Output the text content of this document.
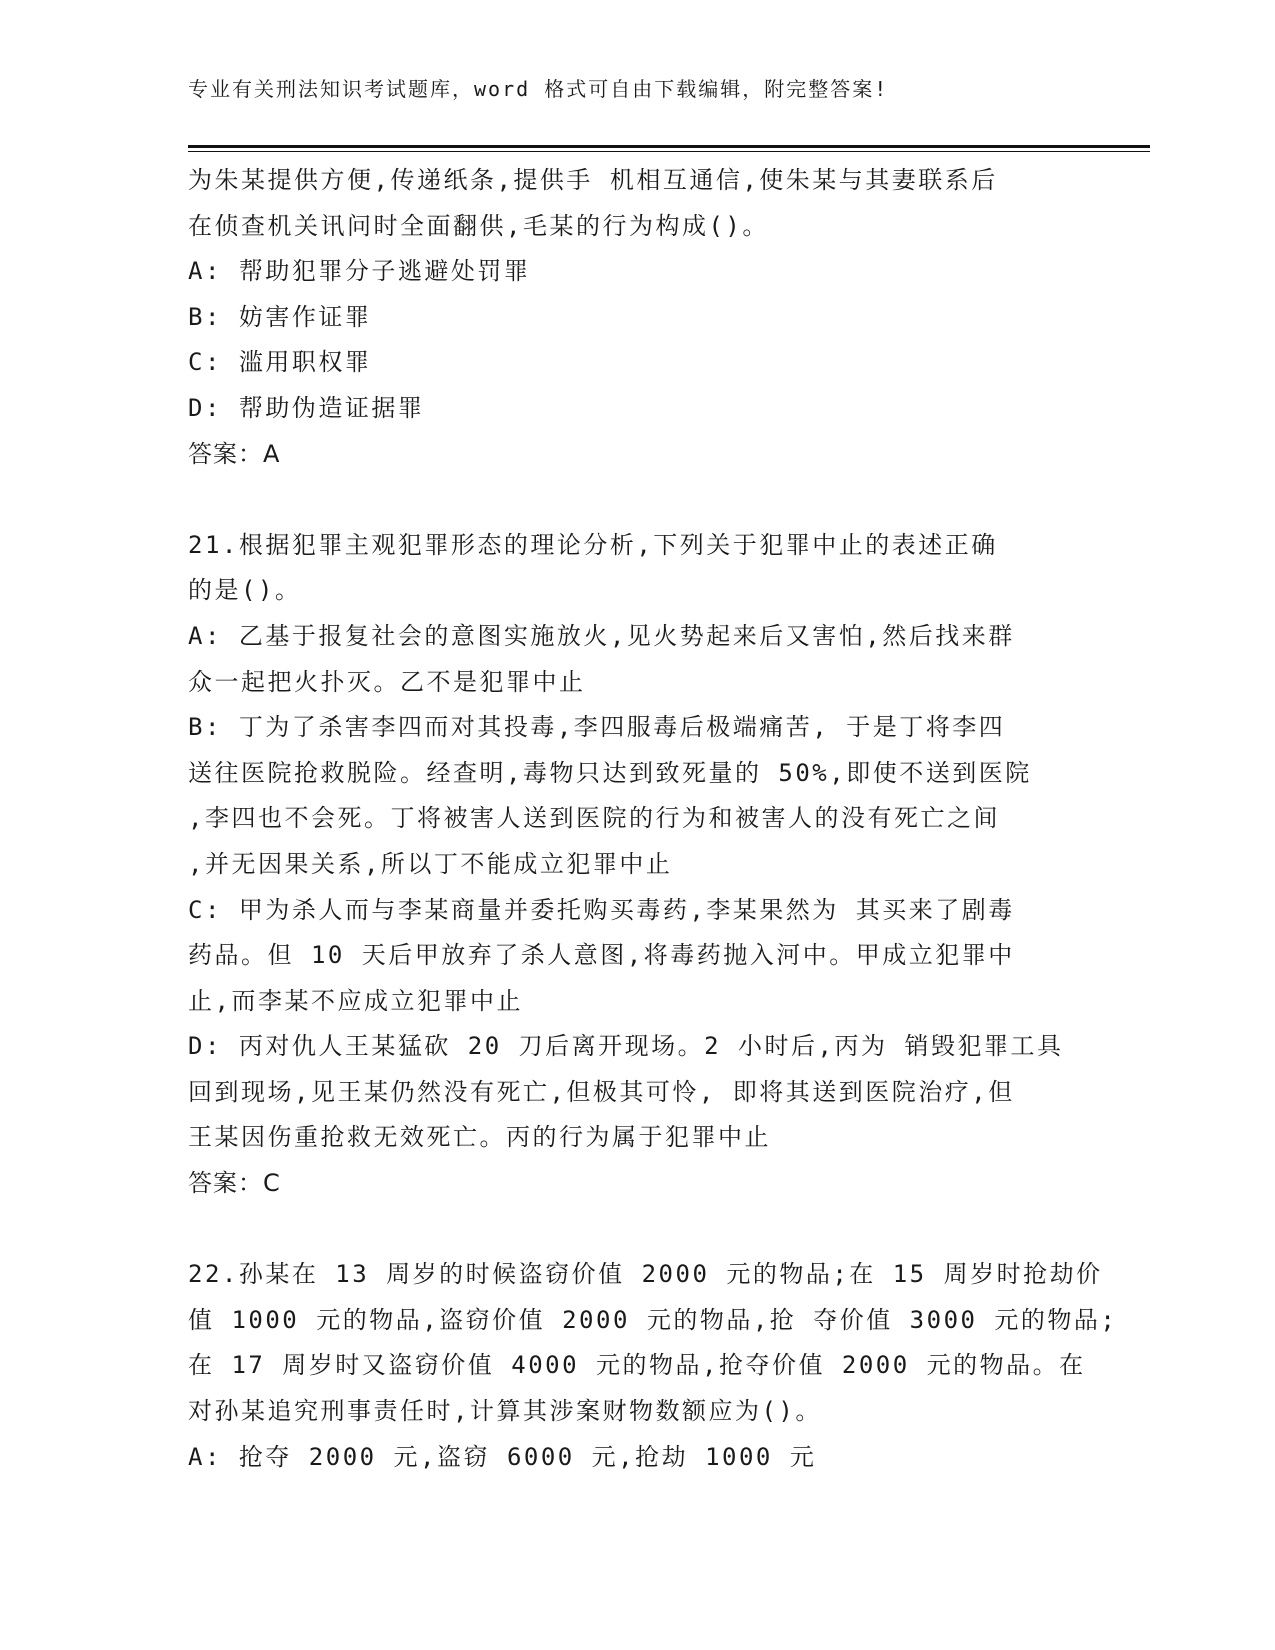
专业有关刑法知识考试题库，word 格式可自由下载编辑，附完整答案!
为朱某提供方便,传递纸条,提供手 机相互通信,使朱某与其妻联系后
在侦查机关讯问时全面翻供,毛某的行为构成()。
A: 帮助犯罪分子逃避处罚罪
B: 妨害作证罪
C: 滥用职权罪
D: 帮助伪造证据罪
答案：A
21.根据犯罪主观犯罪形态的理论分析,下列关于犯罪中止的表述正确
的是()。
A: 乙基于报复社会的意图实施放火,见火势起来后又害怕,然后找来群
众一起把火扑灭。乙不是犯罪中止
B: 丁为了杀害李四而对其投毒,李四服毒后极端痛苦, 于是丁将李四
送往医院抢救脱险。经查明,毒物只达到致死量的 50%,即使不送到医院
,李四也不会死。丁将被害人送到医院的行为和被害人的没有死亡之间
,并无因果关系,所以丁不能成立犯罪中止
C: 甲为杀人而与李某商量并委托购买毒药,李某果然为 其买来了剧毒
药品。但 10 天后甲放弃了杀人意图,将毒药抛入河中。甲成立犯罪中
止,而李某不应成立犯罪中止
D: 丙对仇人王某猛砍 20 刀后离开现场。2 小时后,丙为 销毁犯罪工具
回到现场,见王某仍然没有死亡,但极其可怜, 即将其送到医院治疗,但
王某因伤重抢救无效死亡。丙的行为属于犯罪中止
答案：C
22.孙某在 13 周岁的时候盗窃价值 2000 元的物品;在 15 周岁时抢劫价
值 1000 元的物品,盗窃价值 2000 元的物品,抢 夺价值 3000 元的物品;
在 17 周岁时又盗窃价值 4000 元的物品,抢夺价值 2000 元的物品。在
对孙某追究刑事责任时,计算其涉案财物数额应为()。
A: 抢夺 2000 元,盗窃 6000 元,抢劫 1000 元
